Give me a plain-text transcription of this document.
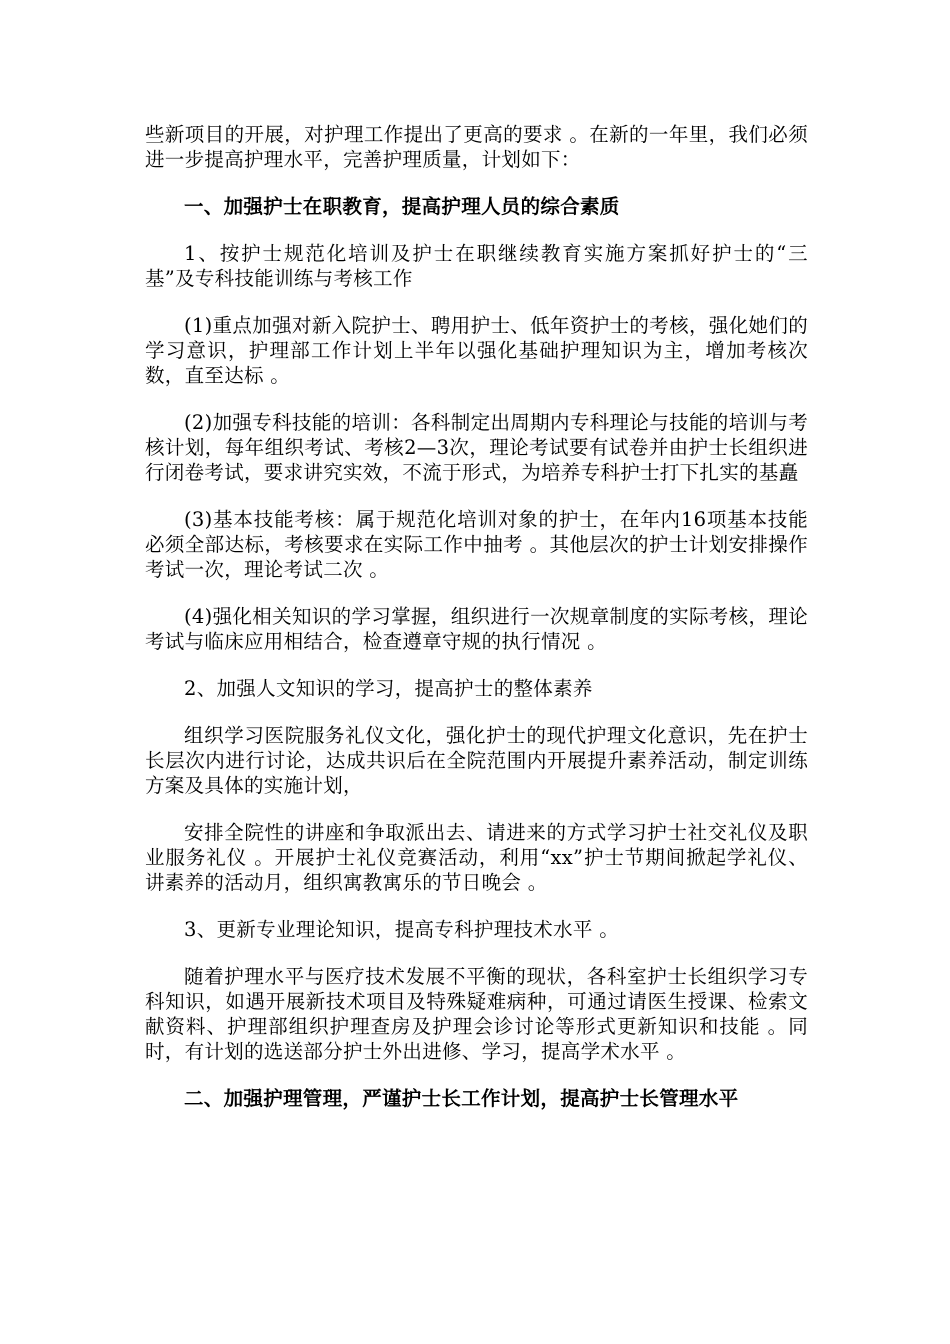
些新项目的开展，对护理工作提出了更高的要求 。在新的一年里，我们必须进一步提高护理水平，完善护理质量，计划如下：

一、加强护士在职教育，提高护理人员的综合素质

1、按护士规范化培训及护士在职继续教育实施方案抓好护士的“三基”及专科技能训练与考核工作

(1)重点加强对新入院护士、聘用护士、低年资护士的考核，强化她们的学习意识，护理部工作计划上半年以强化基础护理知识为主，增加考核次数，直至达标 。

(2)加强专科技能的培训：各科制定出周期内专科理论与技能的培训与考核计划，每年组织考试、考核2—3次，理论考试要有试卷并由护士长组织进行闭卷考试，要求讲究实效，不流于形式，为培养专科护士打下扎实的基矗

(3)基本技能考核：属于规范化培训对象的护士，在年内16项基本技能必须全部达标，考核要求在实际工作中抽考 。其他层次的护士计划安排操作考试一次，理论考试二次 。

(4)强化相关知识的学习掌握，组织进行一次规章制度的实际考核，理论考试与临床应用相结合，检查遵章守规的执行情况 。

2、加强人文知识的学习，提高护士的整体素养

组织学习医院服务礼仪文化，强化护士的现代护理文化意识，先在护士长层次内进行讨论，达成共识后在全院范围内开展提升素养活动，制定训练方案及具体的实施计划，

安排全院性的讲座和争取派出去、请进来的方式学习护士社交礼仪及职业服务礼仪 。开展护士礼仪竞赛活动，利用“xx”护士节期间掀起学礼仪、讲素养的活动月，组织寓教寓乐的节日晚会 。

3、更新专业理论知识，提高专科护理技术水平 。

随着护理水平与医疗技术发展不平衡的现状，各科室护士长组织学习专科知识，如遇开展新技术项目及特殊疑难病种，可通过请医生授课、检索文献资料、护理部组织护理查房及护理会诊讨论等形式更新知识和技能 。同时，有计划的选送部分护士外出进修、学习，提高学术水平 。

二、加强护理管理，严谨护士长工作计划，提高护士长管理水平
